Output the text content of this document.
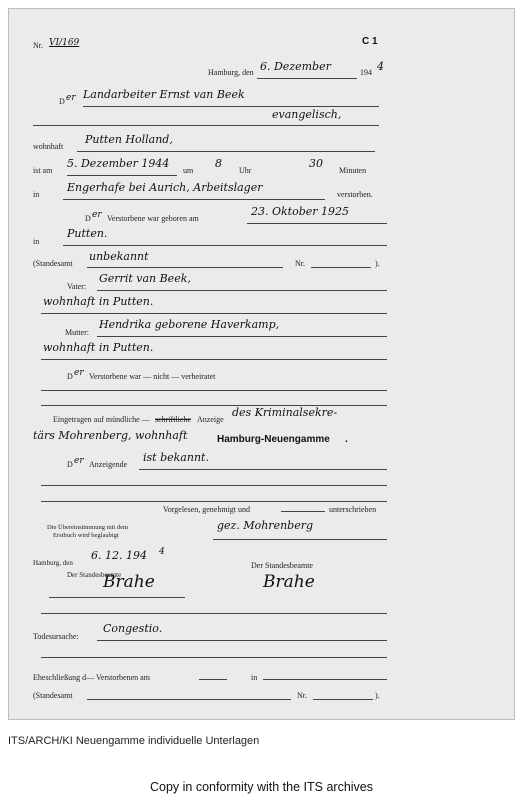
Nr. VI/169	C 1
Hamburg, den 6. Dezember	194 4
D er Landarbeiter Ernst van Beek
evangelisch,
wohnhaft
Putten Holland,
ist am
5. Dezember 1944
um
8
Uhr
30
Minuten
in
Engerhafe bei Aurich, Arbeitslager
verstorben.
D er Verstorbene war geboren am
23. Oktober 1925
in
Putten.
(Standesamt
unbekannt
Nr.	).
Vater:
Gerrit van Beek,
wohnhaft in Putten.
Mutter:
Hendrika geborene Haverkamp,
wohnhaft in Putten.
D er Verstorbene war — nicht — verheiratet
Eingetragen auf mündliche — schriftliche Anzeige
des Kriminalsekre-
tärs Mohrenberg, wohnhaft	Hamburg-Neuengamme .
D er Anzeigende
ist bekannt.
Vorgelesen, genehmigt und	unterschrieben
gez. Mohrenberg
Die Übereinstimmung mit dem
Erstbuch wird beglaubigt
Hamburg, den
6. 12. 194 4
Der Standesbeamte
Brahe
Der Standesbeamte
Brahe
Todesursache:
Congestio.
Eheschließung d— Verstorbenen am	in
(Standesamt	Nr.	).
ITS/ARCH/KI Neuengamme individuelle Unterlagen
Copy in conformity with the ITS archives
